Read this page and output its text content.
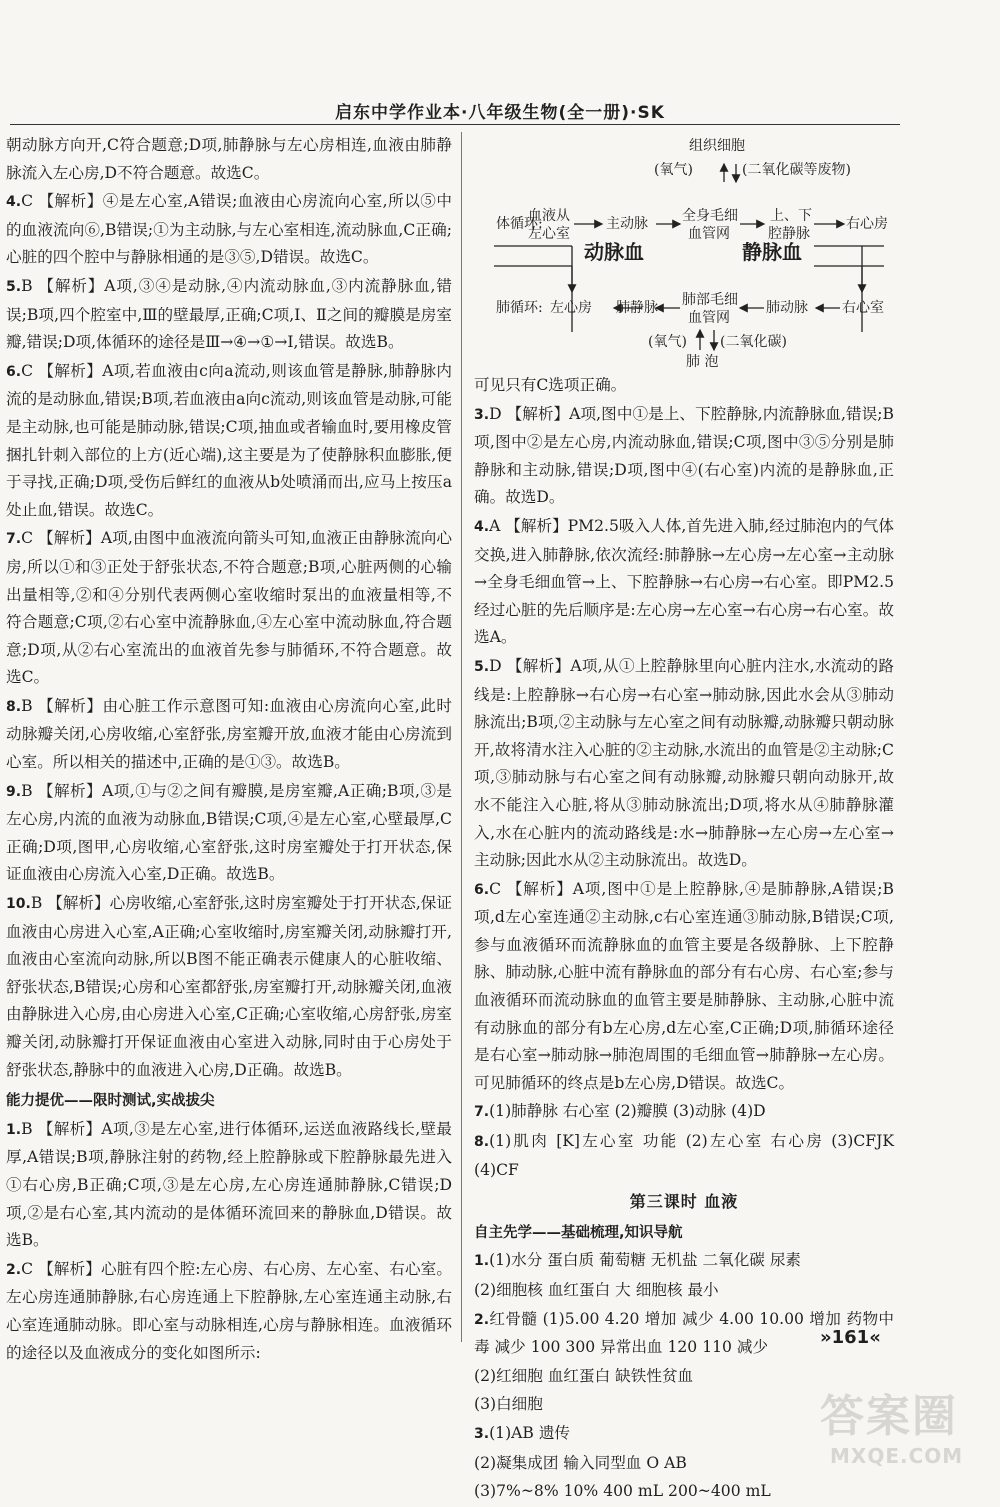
启东中学作业本·八年级生物(全一册)·SK
朝动脉方向开,C符合题意;D项,肺静脉与左心房相连,血液由肺静脉流入左心房,D不符合题意。故选C。
4.C 【解析】④是左心室,A错误;血液由心房流向心室,所以⑤中的血液流向⑥,B错误;①为主动脉,与左心室相连,流动脉血,C正确;心脏的四个腔中与静脉相通的是③⑤,D错误。故选C。
5.B 【解析】A项,③④是动脉,④内流动脉血,③内流静脉血,错误;B项,四个腔室中,Ⅲ的壁最厚,正确;C项,Ⅰ、Ⅱ之间的瓣膜是房室瓣,错误;D项,体循环的途径是Ⅲ→④→①→Ⅰ,错误。故选B。
6.C 【解析】A项,若血液由c向a流动,则该血管是静脉,肺静脉内流的是动脉血,错误;B项,若血液由a向c流动,则该血管是动脉,可能是主动脉,也可能是肺动脉,错误;C项,抽血或者输血时,要用橡皮管捆扎针刺入部位的上方(近心端),这主要是为了使静脉积血膨胀,便于寻找,正确;D项,受伤后鲜红的血液从b处喷涌而出,应马上按压a处止血,错误。故选C。
7.C 【解析】A项,由图中血液流向箭头可知,血液正由静脉流向心房,所以①和③正处于舒张状态,不符合题意;B项,心脏两侧的心输出量相等,②和④分别代表两侧心室收缩时泵出的血液量相等,不符合题意;C项,②右心室中流静脉血,④左心室中流动脉血,符合题意;D项,从②右心室流出的血液首先参与肺循环,不符合题意。故选C。
8.B 【解析】由心脏工作示意图可知:血液由心房流向心室,此时动脉瓣关闭,心房收缩,心室舒张,房室瓣开放,血液才能由心房流到心室。所以相关的描述中,正确的是①③。故选B。
9.B 【解析】A项,①与②之间有瓣膜,是房室瓣,A正确;B项,③是左心房,内流的血液为动脉血,B错误;C项,④是左心室,心壁最厚,C正确;D项,图甲,心房收缩,心室舒张,这时房室瓣处于打开状态,保证血液由心房流入心室,D正确。故选B。
10.B 【解析】心房收缩,心室舒张,这时房室瓣处于打开状态,保证血液由心房进入心室,A正确;心室收缩时,房室瓣关闭,动脉瓣打开,血液由心室流向动脉,所以B图不能正确表示健康人的心脏收缩、舒张状态,B错误;心房和心室都舒张,房室瓣打开,动脉瓣关闭,血液由静脉进入心房,由心房进入心室,C正确;心室收缩,心房舒张,房室瓣关闭,动脉瓣打开保证血液由心室进入动脉,同时由于心房处于舒张状态,静脉中的血液进入心房,D正确。故选B。
能力提优——限时测试,实战拔尖
1.B 【解析】A项,③是左心室,进行体循环,运送血液路线长,壁最厚,A错误;B项,静脉注射的药物,经上腔静脉或下腔静脉最先进入①右心房,B正确;C项,③是左心房,左心房连通肺静脉,C错误;D项,②是右心室,其内流动的是体循环流回来的静脉血,D错误。故选B。
2.C 【解析】心脏有四个腔:左心房、右心房、左心室、右心室。左心房连通肺静脉,右心房连通上下腔静脉,左心室连通主动脉,右心室连通肺动脉。即心室与动脉相连,心房与静脉相连。血液循环的途径以及血液成分的变化如图所示:
组织细胞
(氧气)	(二氧化碳等废物)
体循环:
血液从
左心室
主动脉 全身毛细
血管网
上、下
腔静脉
右心房
动脉血	静脉血
肺循环: 左心房 肺静脉 肺部毛细
血管网
肺动脉 右心室
(氧气) (二氧化碳)
肺 泡
可见只有C选项正确。
3.D 【解析】A项,图中①是上、下腔静脉,内流静脉血,错误;B项,图中②是左心房,内流动脉血,错误;C项,图中③⑤分别是肺静脉和主动脉,错误;D项,图中④(右心室)内流的是静脉血,正确。故选D。
4.A 【解析】PM2.5吸入人体,首先进入肺,经过肺泡内的气体交换,进入肺静脉,依次流经:肺静脉→左心房→左心室→主动脉→全身毛细血管→上、下腔静脉→右心房→右心室。即PM2.5经过心脏的先后顺序是:左心房→左心室→右心房→右心室。故选A。
5.D 【解析】A项,从①上腔静脉里向心脏内注水,水流动的路线是:上腔静脉→右心房→右心室→肺动脉,因此水会从③肺动脉流出;B项,②主动脉与左心室之间有动脉瓣,动脉瓣只朝动脉开,故将清水注入心脏的②主动脉,水流出的血管是②主动脉;C项,③肺动脉与右心室之间有动脉瓣,动脉瓣只朝向动脉开,故水不能注入心脏,将从③肺动脉流出;D项,将水从④肺静脉灌入,水在心脏内的流动路线是:水→肺静脉→左心房→左心室→主动脉;因此水从②主动脉流出。故选D。
6.C 【解析】A项,图中①是上腔静脉,④是肺静脉,A错误;B项,d左心室连通②主动脉,c右心室连通③肺动脉,B错误;C项,参与血液循环而流静脉血的血管主要是各级静脉、上下腔静脉、肺动脉,心脏中流有静脉血的部分有右心房、右心室;参与血液循环而流动脉血的血管主要是肺静脉、主动脉,心脏中流有动脉血的部分有b左心房,d左心室,C正确;D项,肺循环途径是右心室→肺动脉→肺泡周围的毛细血管→肺静脉→左心房。可见肺循环的终点是b左心房,D错误。故选C。
7.(1)肺静脉 右心室 (2)瓣膜 (3)动脉 (4)D
8.(1)肌肉 [K]左心室 功能 (2)左心室 右心房 (3)CFJK (4)CF
第三课时 血液
自主先学——基础梳理,知识导航
1.(1)水分 蛋白质 葡萄糖 无机盐 二氧化碳 尿素
(2)细胞核 血红蛋白 大 细胞核 最小
2.红骨髓 (1)5.00 4.20 增加 减少 4.00 10.00 增加 药物中毒 减少 100 300 异常出血 120 110 减少
(2)红细胞 血红蛋白 缺铁性贫血
(3)白细胞
3.(1)AB 遗传
(2)凝集成团 输入同型血 O AB
(3)7%~8% 10% 400 mL 200~400 mL
»161«
答案圈
MXQE.COM
